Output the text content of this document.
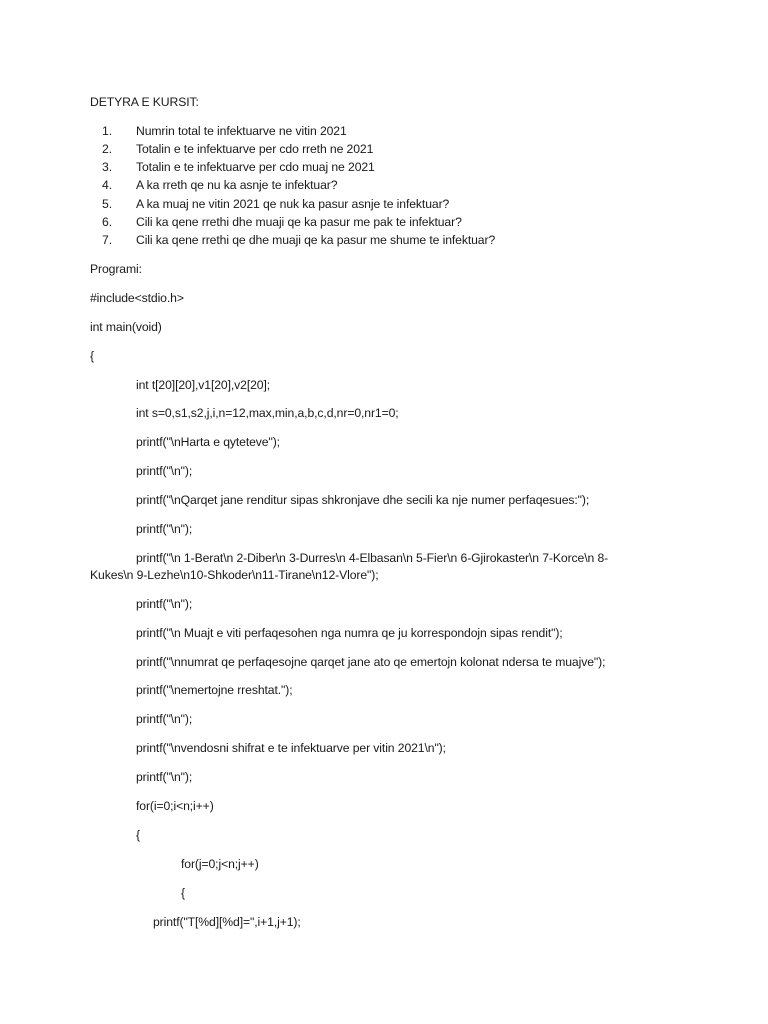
DETYRA E KURSIT:
1. Numrin total te infektuarve ne vitin 2021
2. Totalin e te infektuarve per cdo rreth ne 2021
3. Totalin e te infektuarve per cdo muaj ne 2021
4. A ka rreth qe nu ka asnje te infektuar?
5. A ka muaj ne vitin 2021 qe nuk ka pasur asnje te infektuar?
6. Cili ka qene rrethi dhe muaji qe ka pasur me pak te infektuar?
7. Cili ka qene rrethi qe dhe muaji qe ka pasur me shume te infektuar?
Programi:
#include<stdio.h>
int main(void)
{
int t[20][20],v1[20],v2[20];
int s=0,s1,s2,j,i,n=12,max,min,a,b,c,d,nr=0,nr1=0;
printf("\nHarta e qyteteve");
printf("\n");
printf("\nQarqet jane renditur sipas shkronjave dhe secili ka nje numer perfaqesues:");
printf("\n");
printf("\n 1-Berat\n 2-Diber\n 3-Durres\n 4-Elbasan\n 5-Fier\n 6-Gjirokaster\n 7-Korce\n 8-
Kukes\n 9-Lezhe\n10-Shkoder\n11-Tirane\n12-Vlore");
printf("\n");
printf("\n Muajt e viti perfaqesohen nga numra qe ju korrespondojn sipas rendit");
printf("\nnumrat qe perfaqesojne qarqet jane ato qe emertojn kolonat ndersa te muajve");
printf("\nemertojne rreshtat.");
printf("\n");
printf("\nvendosni shifrat e te infektuarve per vitin 2021\n");
printf("\n");
for(i=0;i<n;i++)
{
for(j=0;j<n;j++)
{
printf("T[%d][%d]=",i+1,j+1);
